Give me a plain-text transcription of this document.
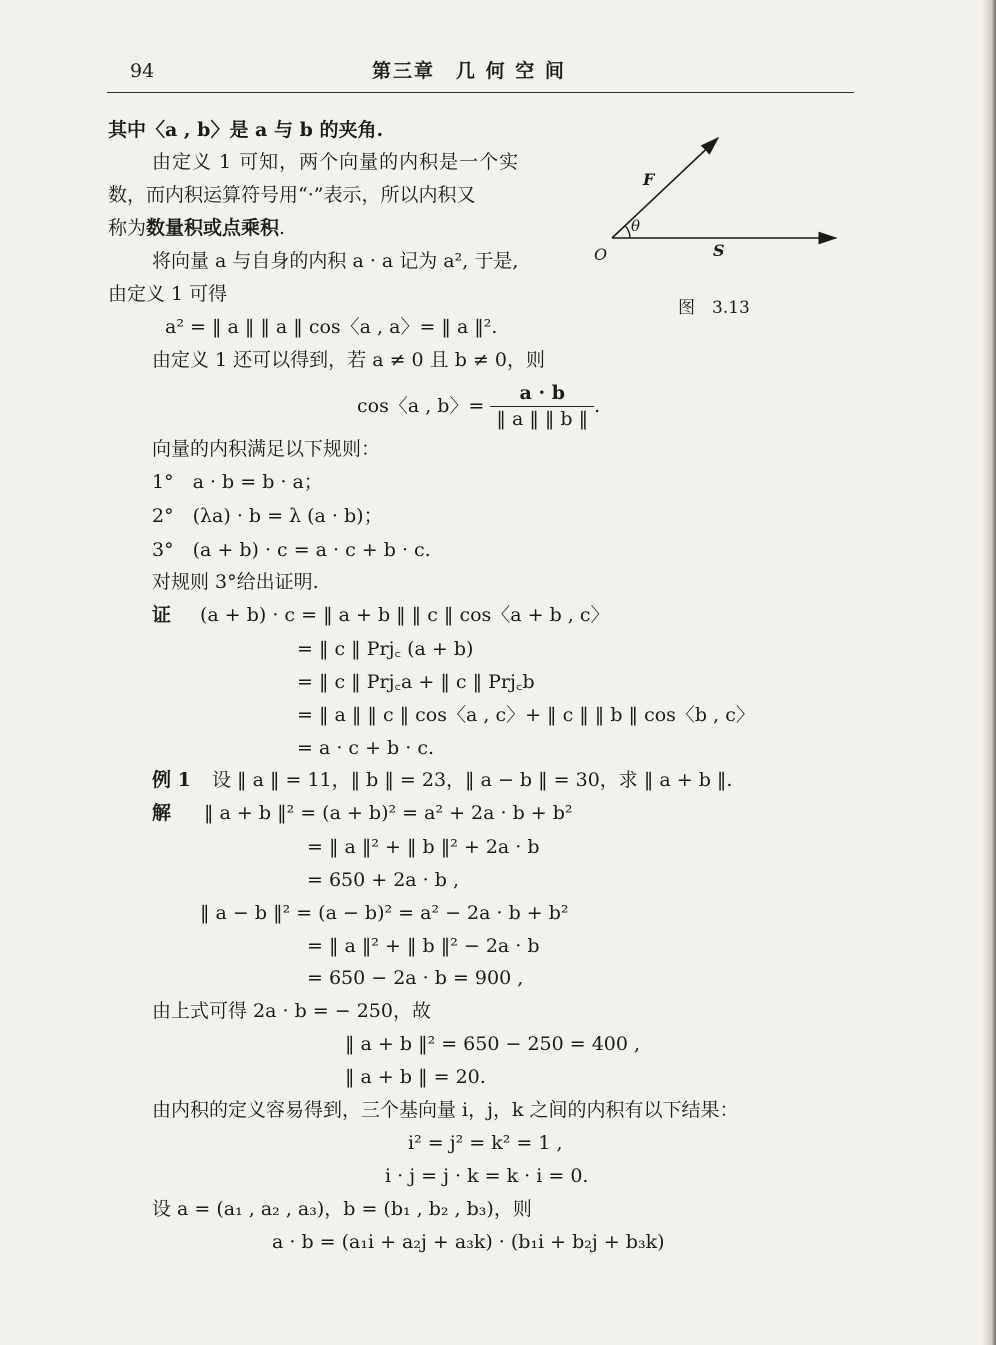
94	第三章　几 何 空 间
F
θ
O	S
图　3.13
其中〈a , b〉是 a 与 b 的夹角.
由定义 1 可知，两个向量的内积是一个实
数，而内积运算符号用“·”表示，所以内积又
称为数量积或点乘积.
将向量 a 与自身的内积 a · a 记为 a², 于是,
由定义 1 可得
a² = ‖ a ‖ ‖ a ‖ cos〈a , a〉= ‖ a ‖².
由定义 1 还可以得到，若 a ≠ 0 且 b ≠ 0，则
cos〈a , b〉= $\frac{a \cdot b}{‖ a ‖ ‖ b ‖}$ .
向量的内积满足以下规则：
1°　a · b = b · a；
2°　(λa) · b = λ (a · b)；
3°　(a + b) · c = a · c + b · c.
对规则 3°给出证明.
证 (a + b) · c = ‖ a + b ‖ ‖ c ‖ cos〈a + b , c〉
= ‖ c ‖ Prj꜀ (a + b)
= ‖ c ‖ Prj꜀a + ‖ c ‖ Prj꜀b
= ‖ a ‖ ‖ c ‖ cos〈a , c〉+ ‖ c ‖ ‖ b ‖ cos〈b , c〉
= a · c + b · c.
例 1 设 ‖ a ‖ = 11，‖ b ‖ = 23，‖ a − b ‖ = 30，求 ‖ a + b ‖.
解 ‖ a + b ‖² = (a + b)² = a² + 2a · b + b²
= ‖ a ‖² + ‖ b ‖² + 2a · b
= 650 + 2a · b ,
‖ a − b ‖² = (a − b)² = a² − 2a · b + b²
= ‖ a ‖² + ‖ b ‖² − 2a · b
= 650 − 2a · b = 900 ,
由上式可得 2a · b = − 250，故
‖ a + b ‖² = 650 − 250 = 400 ,
‖ a + b ‖ = 20.
由内积的定义容易得到，三个基向量 i，j，k 之间的内积有以下结果：
i² = j² = k² = 1 ,
i · j = j · k = k · i = 0.
设 a = (a₁ , a₂ , a₃)，b = (b₁ , b₂ , b₃)，则
a · b = (a₁i + a₂j + a₃k) · (b₁i + b₂j + b₃k)
